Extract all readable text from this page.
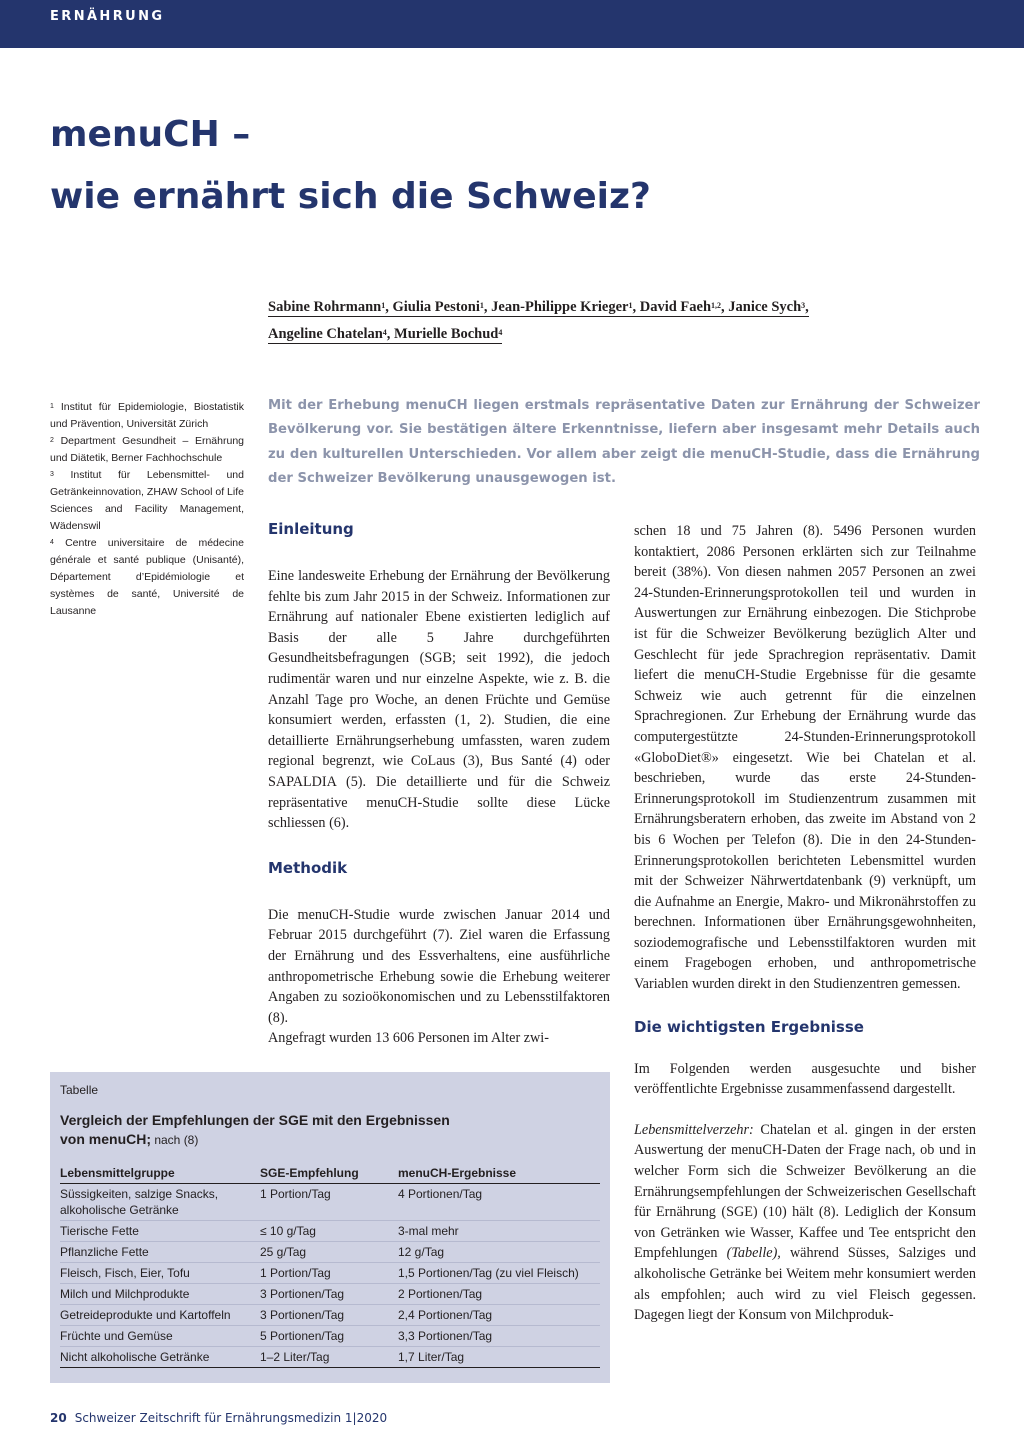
ERNÄHRUNG
menuCH –
wie ernährt sich die Schweiz?
Sabine Rohrmann$^1$, Giulia Pestoni$^1$, Jean-Philippe Krieger$^1$, David Faeh$^{1,2}$, Janice Sych$^3$,
Angeline Chatelan$^4$, Murielle Bochud$^4$

$^1$ Institut für Epidemiologie, Biostatistik und Prävention, Universität Zürich

$^2$ Department Gesundheit – Ernährung und Diätetik, Berner Fachhochschule

$^3$ Institut für Lebensmittel- und Getränkeinnovation, ZHAW School of Life Sciences and Facility Management, Wädenswil

$^4$ Centre universitaire de médecine générale et santé publique (Unisanté), Département d’Epidémiologie et systèmes de santé, Université de Lausanne

Mit der Erhebung menuCH liegen erstmals repräsentative Daten zur Ernährung der Schweizer Bevölkerung vor. Sie bestätigen ältere Erkenntnisse, liefern aber insgesamt mehr Details auch zu den kulturellen Unterschieden. Vor allem aber zeigt die menuCH-Studie, dass die Ernährung der Schweizer Bevölkerung unausgewogen ist.

Einleitung

Eine landesweite Erhebung der Ernährung der Bevölkerung fehlte bis zum Jahr 2015 in der Schweiz. Informationen zur Ernährung auf nationaler Ebene existierten lediglich auf Basis der alle 5 Jahre durchgeführten Gesundheitsbefragungen (SGB; seit 1992), die jedoch rudimentär waren und nur einzelne Aspekte, wie z. B. die Anzahl Tage pro Woche, an denen Früchte und Gemüse konsumiert werden, erfassten (1, 2). Studien, die eine detaillierte Ernährungserhebung umfassten, waren zudem regional begrenzt, wie CoLaus (3), Bus Santé (4) oder SAPALDIA (5). Die detaillierte und für die Schweiz repräsentative menuCH-Studie sollte diese Lücke schliessen (6).

Methodik

Die menuCH-Studie wurde zwischen Januar 2014 und Februar 2015 durchgeführt (7). Ziel waren die Erfassung der Ernährung und des Essverhaltens, eine ausführliche anthropometrische Erhebung sowie die Erhebung weiterer Angaben zu sozioökonomischen und zu Lebensstilfaktoren (8).

Angefragt wurden 13 606 Personen im Alter zwi-

schen 18 und 75 Jahren (8). 5496 Personen wurden kontaktiert, 2086 Personen erklärten sich zur Teilnahme bereit (38%). Von diesen nahmen 2057 Personen an zwei 24-Stunden-Erinnerungsprotokollen teil und wurden in Auswertungen zur Ernährung einbezogen. Die Stichprobe ist für die Schweizer Bevölkerung bezüglich Alter und Geschlecht für jede Sprachregion repräsentativ. Damit liefert die menuCH-Studie Ergebnisse für die gesamte Schweiz wie auch getrennt für die einzelnen Sprachregionen. Zur Erhebung der Ernährung wurde das computergestützte 24-Stunden-Erinnerungsprotokoll «GloboDiet®» eingesetzt. Wie bei Chatelan et al. beschrieben, wurde das erste 24-Stunden-Erinnerungsprotokoll im Studienzentrum zusammen mit Ernährungsberatern erhoben, das zweite im Abstand von 2 bis 6 Wochen per Telefon (8). Die in den 24-Stunden-Erinnerungsprotokollen berichteten Lebensmittel wurden mit der Schweizer Nährwertdatenbank (9) verknüpft, um die Aufnahme an Energie, Makro- und Mikronährstoffen zu berechnen. Informationen über Ernährungsgewohnheiten, soziodemografische und Lebensstilfaktoren wurden mit einem Fragebogen erhoben, und anthropometrische Variablen wurden direkt in den Studienzentren gemessen.

Die wichtigsten Ergebnisse

Im Folgenden werden ausgesuchte und bisher veröffentlichte Ergebnisse zusammenfassend dargestellt.

Lebensmittelverzehr: Chatelan et al. gingen in der ersten Auswertung der menuCH-Daten der Frage nach, ob und in welcher Form sich die Schweizer Bevölkerung an die Ernährungsempfehlungen der Schweizerischen Gesellschaft für Ernährung (SGE) (10) hält (8). Lediglich der Konsum von Getränken wie Wasser, Kaffee und Tee entspricht den Empfehlungen (Tabelle), während Süsses, Salziges und alkoholische Getränke bei Weitem mehr konsumiert werden als empfohlen; auch wird zu viel Fleisch gegessen. Dagegen liegt der Konsum von Milchproduk-

Tabelle
Vergleich der Empfehlungen der SGE mit den Ergebnissen
von menuCH; nach (8)
Lebensmittelgruppe	SGE-Empfehlung	menuCH-Ergebnisse
Süssigkeiten, salzige Snacks, alkoholische Getränke	1 Portion/Tag	4 Portionen/Tag
Tierische Fette	≤ 10 g/Tag	3-mal mehr
Pflanzliche Fette	25 g/Tag	12 g/Tag
Fleisch, Fisch, Eier, Tofu	1 Portion/Tag	1,5 Portionen/Tag (zu viel Fleisch)
Milch und Milchprodukte	3 Portionen/Tag	2 Portionen/Tag
Getreideprodukte und Kartoffeln	3 Portionen/Tag	2,4 Portionen/Tag
Früchte und Gemüse	5 Portionen/Tag	3,3 Portionen/Tag
Nicht alkoholische Getränke	1–2 Liter/Tag	1,7 Liter/Tag
20 Schweizer Zeitschrift für Ernährungsmedizin 1|2020
